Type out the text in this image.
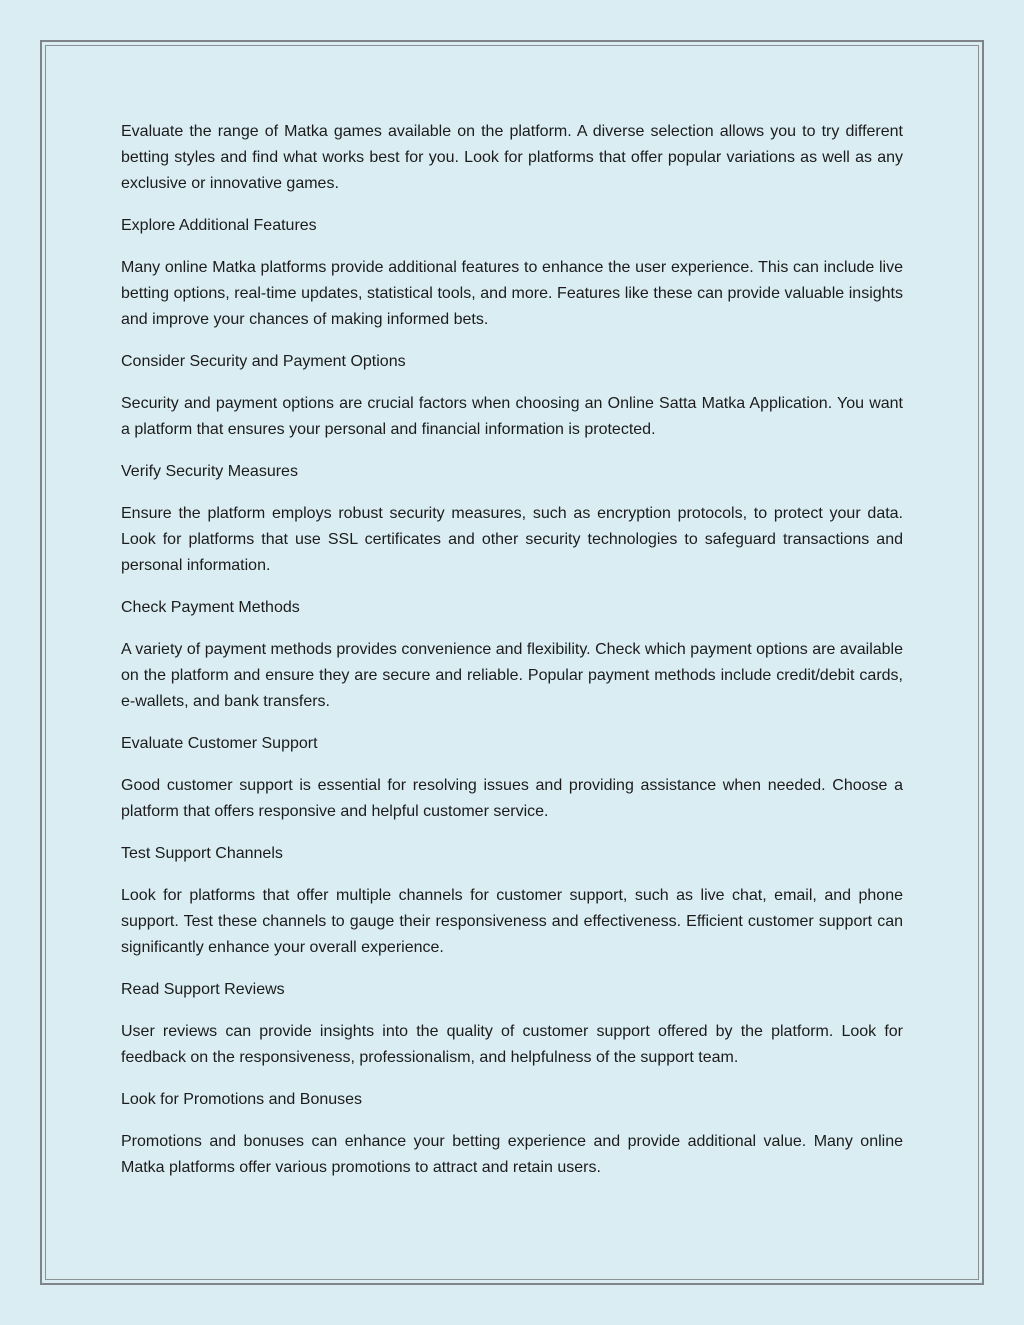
Evaluate the range of Matka games available on the platform. A diverse selection allows you to try different betting styles and find what works best for you. Look for platforms that offer popular variations as well as any exclusive or innovative games.

Explore Additional Features

Many online Matka platforms provide additional features to enhance the user experience. This can include live betting options, real-time updates, statistical tools, and more. Features like these can provide valuable insights and improve your chances of making informed bets.

Consider Security and Payment Options

Security and payment options are crucial factors when choosing an Online Satta Matka Application. You want a platform that ensures your personal and financial information is protected.

Verify Security Measures

Ensure the platform employs robust security measures, such as encryption protocols, to protect your data. Look for platforms that use SSL certificates and other security technologies to safeguard transactions and personal information.

Check Payment Methods

A variety of payment methods provides convenience and flexibility. Check which payment options are available on the platform and ensure they are secure and reliable. Popular payment methods include credit/debit cards, e-wallets, and bank transfers.

Evaluate Customer Support

Good customer support is essential for resolving issues and providing assistance when needed. Choose a platform that offers responsive and helpful customer service.

Test Support Channels

Look for platforms that offer multiple channels for customer support, such as live chat, email, and phone support. Test these channels to gauge their responsiveness and effectiveness. Efficient customer support can significantly enhance your overall experience.

Read Support Reviews

User reviews can provide insights into the quality of customer support offered by the platform. Look for feedback on the responsiveness, professionalism, and helpfulness of the support team.

Look for Promotions and Bonuses

Promotions and bonuses can enhance your betting experience and provide additional value. Many online Matka platforms offer various promotions to attract and retain users.
